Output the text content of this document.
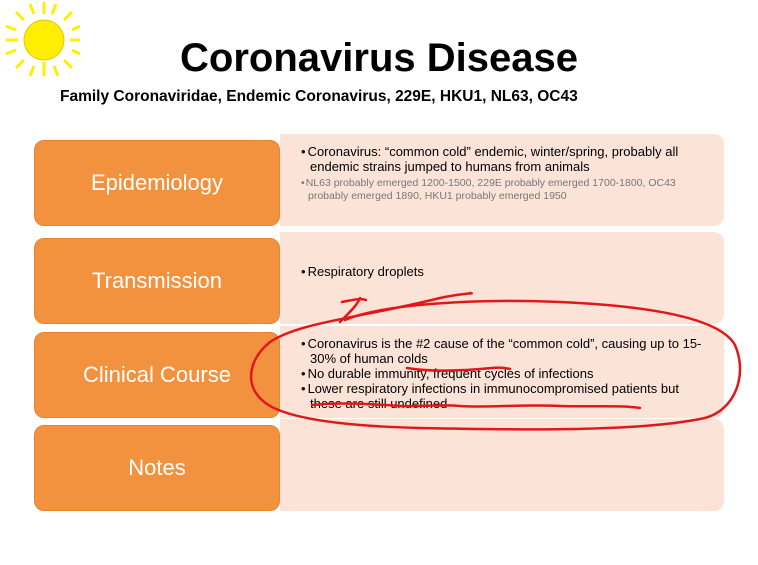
Coronavirus Disease
Family Coronaviridae, Endemic Coronavirus, 229E, HKU1, NL63, OC43
Epidemiology

• Coronavirus: “common cold” endemic, winter/spring, probably all endemic strains jumped to humans from animals

• NL63 probably emerged 1200-1500, 229E probably emerged 1700-1800, OC43 probably emerged 1890, HKU1 probably emerged 1950

Transmission

•	Respiratory droplets

Clinical Course

• Coronavirus is the #2 cause of the “common cold”, causing up to 15-30% of human colds

• No durable immunity, frequent cycles of infections

• Lower respiratory infections in immunocompromised patients but these are still undefined

Notes
